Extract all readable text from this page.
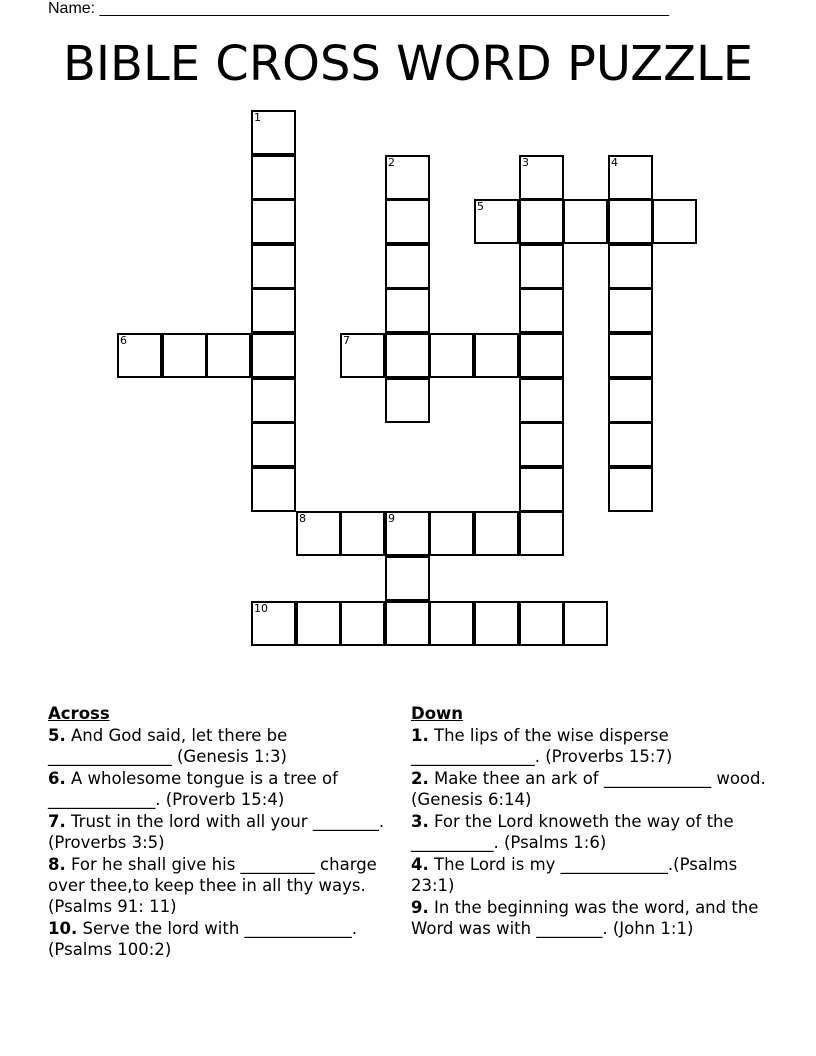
Name: ________________________________________________________________
BIBLE CROSS WORD PUZZLE
1
2	3	4
5
6	7
8	9
10
Across
5. And God said, let there be _______________ (Genesis 1:3)
6. A wholesome tongue is a tree of _____________. (Proverb 15:4)
7. Trust in the lord with all your ________.(Proverbs 3:5)
8. For he shall give his _________ charge over thee,to keep thee in all thy ways. (Psalms 91: 11)
10. Serve the lord with _____________. (Psalms 100:2)
Down
1. The lips of the wise disperse _______________. (Proverbs 15:7)
2. Make thee an ark of _____________ wood. (Genesis 6:14)
3. For the Lord knoweth the way of the __________. (Psalms 1:6)
4. The Lord is my _____________.(Psalms 23:1)
9. In the beginning was the word, and the Word was with ________. (John 1:1)
